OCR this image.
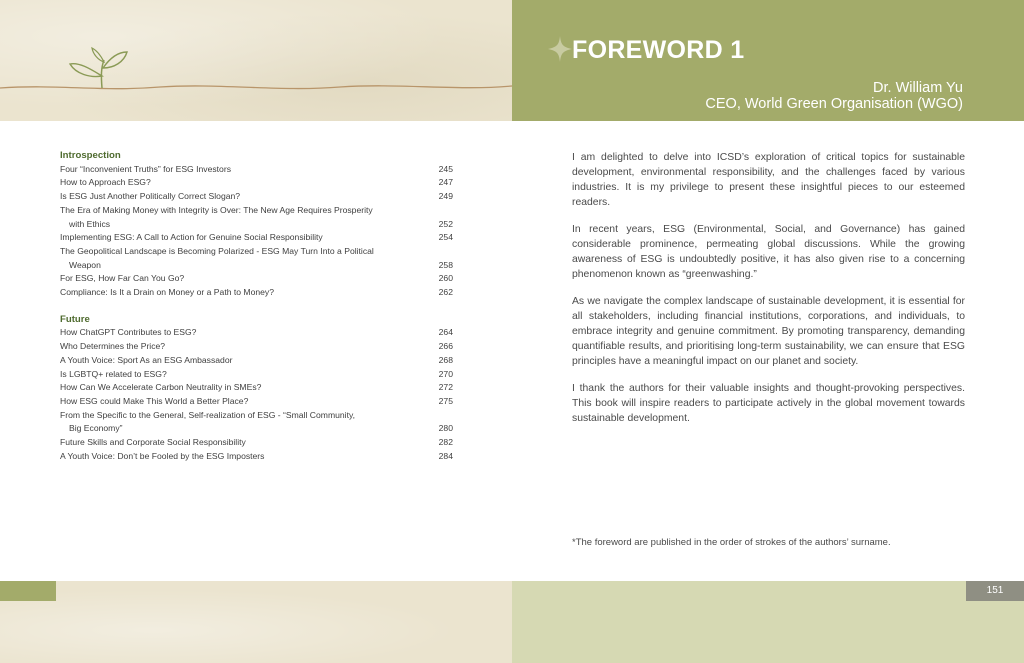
FOREWORD 1
Dr. William Yu
CEO, World Green Organisation (WGO)
Introspection
Four “Inconvenient Truths” for ESG Investors	245
How to Approach ESG?	247
Is ESG Just Another Politically Correct Slogan?	249
The Era of Making Money with Integrity is Over: The New Age Requires Prosperity
with Ethics	252
Implementing ESG: A Call to Action for Genuine Social Responsibility	254
The Geopolitical Landscape is Becoming Polarized - ESG May Turn Into a Political
Weapon	258
For ESG, How Far Can You Go?	260
Compliance: Is It a Drain on Money or a Path to Money?	262
Future
How ChatGPT Contributes to ESG?	264
Who Determines the Price?	266
A Youth Voice: Sport As an ESG Ambassador	268
Is LGBTQ+ related to ESG?	270
How Can We Accelerate Carbon Neutrality in SMEs?	272
How ESG could Make This World a Better Place?	275
From the Specific to the General, Self-realization of ESG - “Small Community,
Big Economy”	280
Future Skills and Corporate Social Responsibility	282
A Youth Voice: Don’t be Fooled by the ESG Imposters	284

I am delighted to delve into ICSD’s exploration of critical topics for sustainable development, environmental responsibility, and the challenges faced by various industries. It is my privilege to present these insightful pieces to our esteemed readers.

In recent years, ESG (Environmental, Social, and Governance) has gained considerable prominence, permeating global discussions. While the growing awareness of ESG is undoubtedly positive, it has also given rise to a concerning phenomenon known as “greenwashing.”

As we navigate the complex landscape of sustainable development, it is essential for all stakeholders, including financial institutions, corporations, and individuals, to embrace integrity and genuine commitment. By promoting transparency, demanding quantifiable results, and prioritising long-term sustainability, we can ensure that ESG principles have a meaningful impact on our planet and society.

I thank the authors for their valuable insights and thought-provoking perspectives. This book will inspire readers to participate actively in the global movement towards sustainable development.

*The foreword are published in the order of strokes of the authors’ surname.
151
